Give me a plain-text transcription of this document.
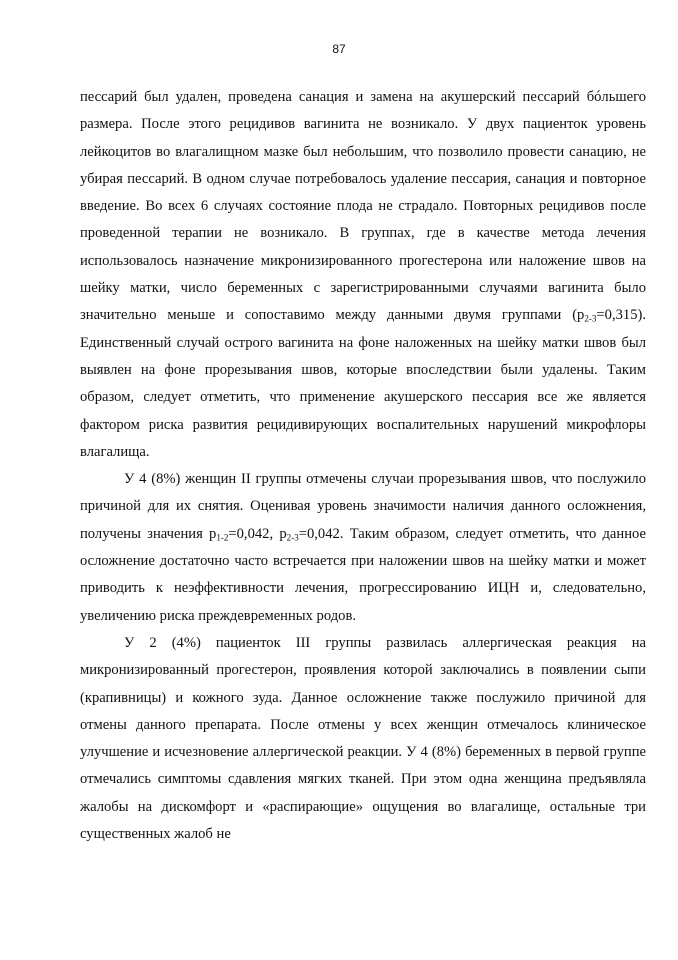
87

пессарий был удален, проведена санация и замена на акушерский пессарий бóльшего размера. После этого рецидивов вагинита не возникало. У двух пациенток уровень лейкоцитов во влагалищном мазке был небольшим, что позволило провести санацию, не убирая пессарий. В одном случае потребовалось удаление пессария, санация и повторное введение. Во всех 6 случаях состояние плода не страдало. Повторных рецидивов после проведенной терапии не возникало. В группах, где в качестве метода лечения использовалось назначение микронизированного прогестерона или наложение швов на шейку матки, число беременных с зарегистрированными случаями вагинита было значительно меньше и сопоставимо между данными двумя группами $(р_{2-3}=0,315)$. Единственный случай острого вагинита на фоне наложенных на шейку матки швов был выявлен на фоне прорезывания швов, которые впоследствии были удалены. Таким образом, следует отметить, что применение акушерского пессария все же является фактором риска развития рецидивирующих воспалительных нарушений микрофлоры влагалища.

У 4 (8%) женщин II группы отмечены случаи прорезывания швов, что послужило причиной для их снятия. Оценивая уровень значимости наличия данного осложнения, получены значения $р_{1-2}=0,042$, $р_{2-3}=0,042$. Таким образом, следует отметить, что данное осложнение достаточно часто встречается при наложении швов на шейку матки и может приводить к неэффективности лечения, прогрессированию ИЦН и, следовательно, увеличению риска преждевременных родов.

У 2 (4%) пациенток III группы развилась аллергическая реакция на микронизированный прогестерон, проявления которой заключались в появлении сыпи (крапивницы) и кожного зуда. Данное осложнение также послужило причиной для отмены данного препарата. После отмены у всех женщин отмечалось клиническое улучшение и исчезновение аллергической реакции. У 4 (8%) беременных в первой группе отмечались симптомы сдавления мягких тканей. При этом одна женщина предъявляла жалобы на дискомфорт и «распирающие» ощущения во влагалище, остальные три существенных жалоб не
